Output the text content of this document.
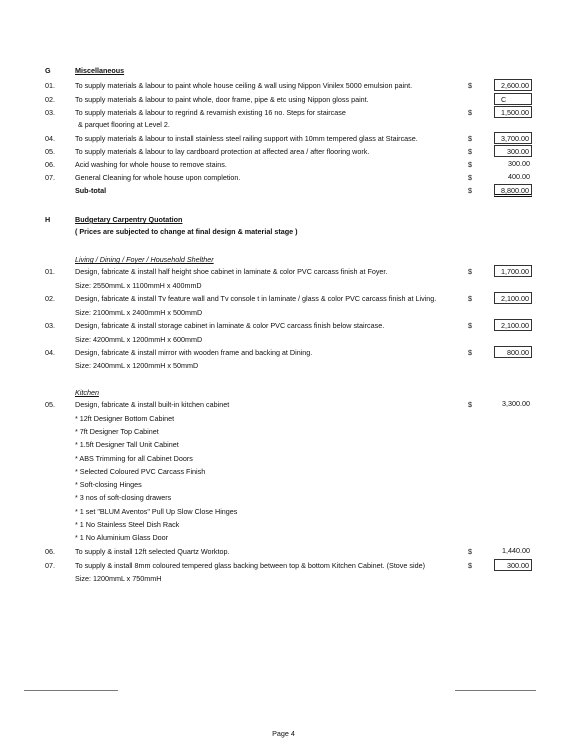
G	Miscellaneous
01.	To supply materials & labour to paint whole house ceiling & wall using Nippon Vinilex 5000 emulsion paint.	$	2,600.00
02.	To supply materials & labour to paint whole, door frame, pipe & etc using Nippon gloss paint.	C
03.	To supply materials & labour to regrind & revarnish existing 16 no. Steps for staircase	$	1,500.00
& parquet flooring at Level 2.
04.	To supply materials & labour to install stainless steel railing support with 10mm tempered glass at Staircase.	$	3,700.00
05.	To supply materials & labour to lay cardboard protection at affected area / after flooring work.	$	300.00
06.	Acid washing for whole house to remove stains.	$	300.00
07.	General Cleaning for whole house upon completion.	$	400.00
Sub-total	$	8,800.00
H	Budgetary Carpentry Quotation
( Prices are subjected to change at final design & material stage )
Living / Dining / Foyer / Household Shelther
01.	Design, fabricate & install half height shoe cabinet in laminate & color PVC carcass finish at Foyer.	$	1,700.00
Size: 2550mmL x 1100mmH x 400mmD
02.	Design, fabricate & install Tv feature wall and Tv console t in laminate / glass & color PVC carcass finish at Living.	$	2,100.00
Size: 2100mmL x 2400mmH x 500mmD
03.	Design, fabricate & install storage cabinet in laminate & color PVC carcass finish below staircase.	$	2,100.00
Size: 4200mmL x 1200mmH x 600mmD
04.	Design, fabricate & install mirror with wooden frame and backing at Dining.	$	800.00
Size: 2400mmL x 1200mmH x 50mmD
Kitchen
05.	Design, fabricate & install built-in kitchen cabinet	$	3,300.00
* 12ft Designer Bottom Cabinet
* 7ft Designer Top Cabinet
* 1.5ft Designer Tall Unit Cabinet
* ABS Trimming for all Cabinet Doors
* Selected Coloured PVC Carcass Finish
* Soft-closing Hinges
* 3 nos of soft-closing drawers
* 1 set "BLUM Aventos" Pull Up Slow Close Hinges
* 1 No Stainless Steel Dish Rack
* 1 No Aluminium Glass Door
06.	To supply & install 12ft selected Quartz Worktop.	$	1,440.00
07.	To supply & install 8mm coloured tempered glass backing between top & bottom Kitchen Cabinet. (Stove side)	$	300.00
Size: 1200mmL x 750mmH
Page 4
